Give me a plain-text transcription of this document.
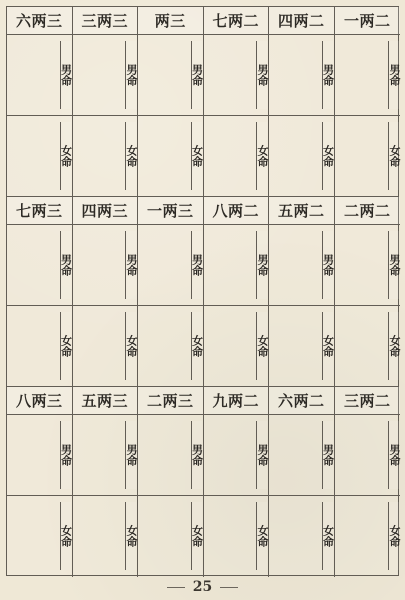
六两三
男命
女命
三两三
男命
女命
两三
男命
女命
七两二
男命
女命
四两二
男命
女命
一两二
男命
女命
七两三
男命
女命
四两三
男命
女命
一两三
男命
女命
八两二
男命
女命
五两二
男命
女命
二两二
男命
女命
八两三
男命
女命
五两三
男命
女命
二两三
男命
女命
九两二
男命
女命
六两二
男命
女命
三两二
男命
女命
25
